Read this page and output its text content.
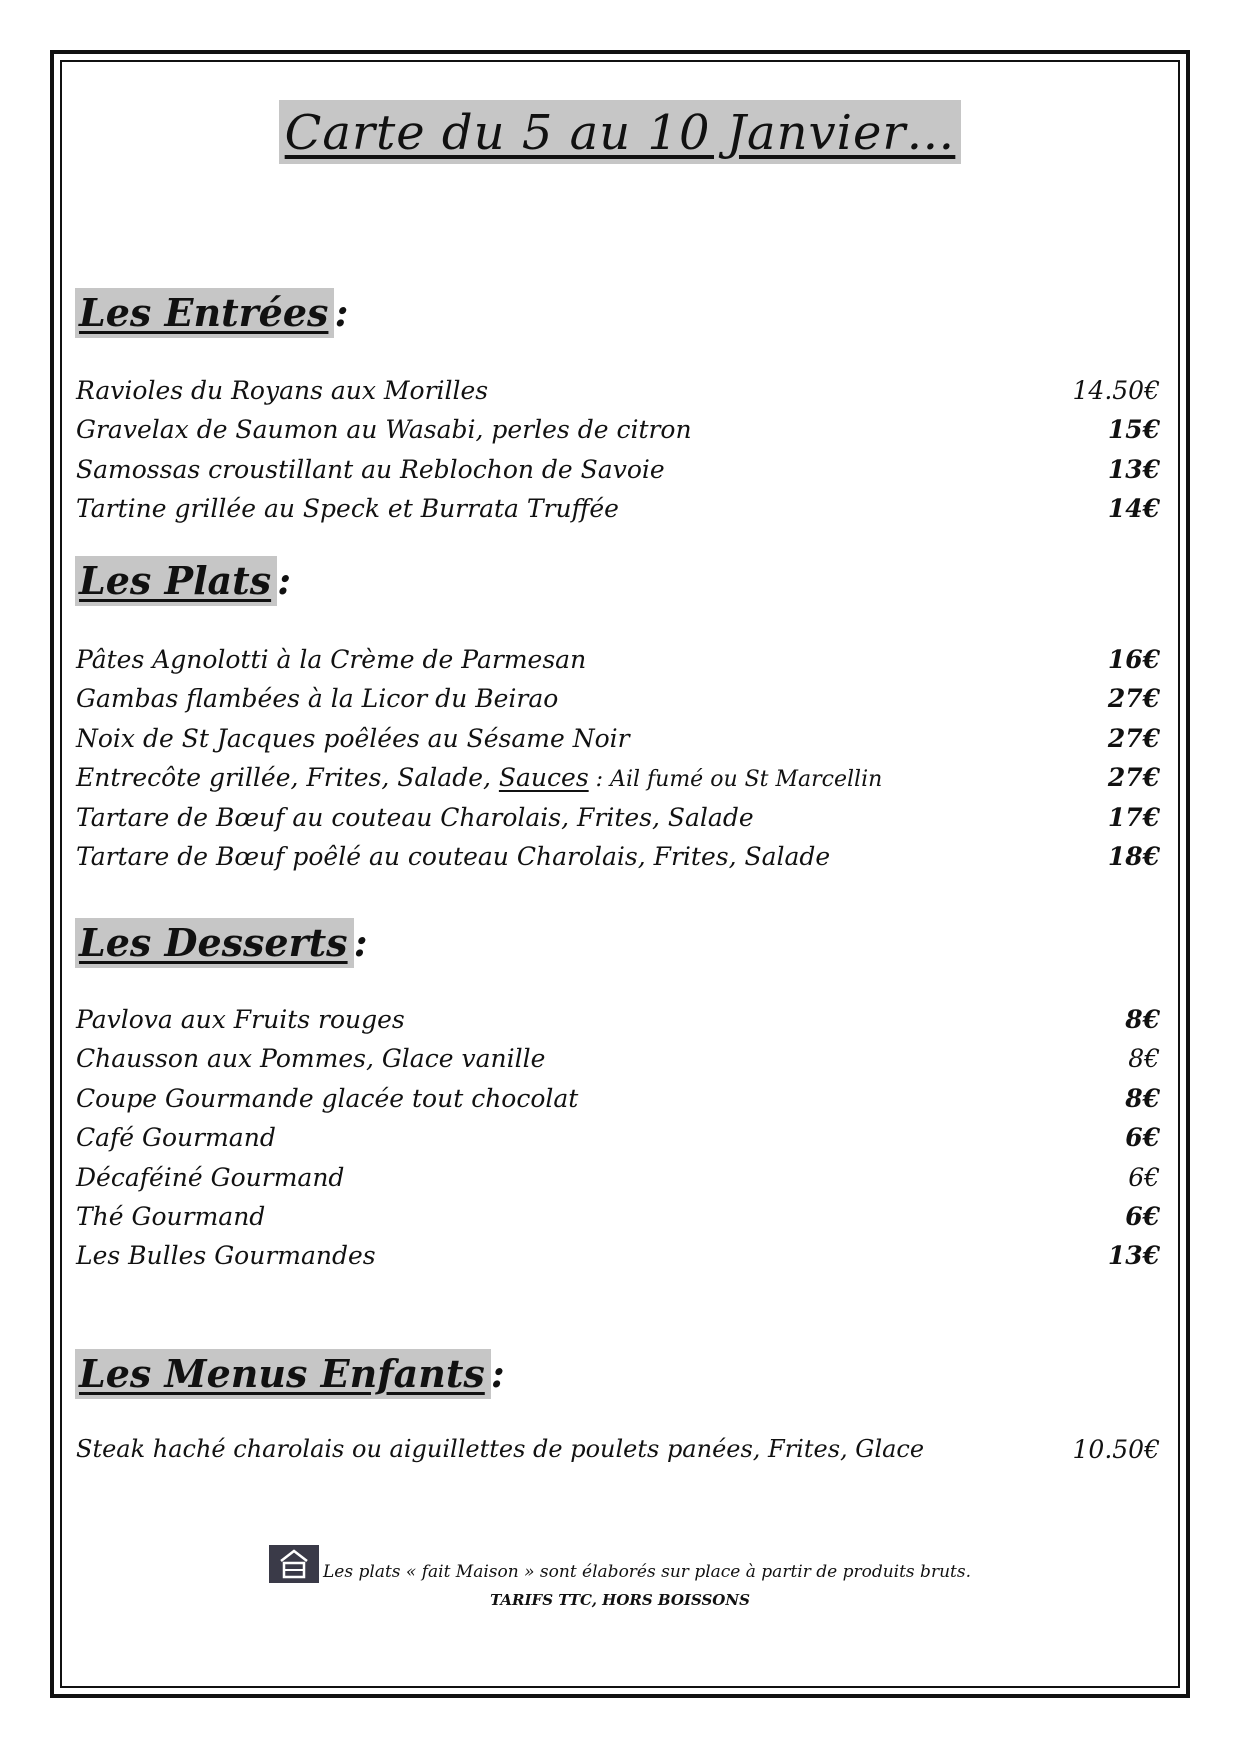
Carte du 5 au 10 Janvier…
Les Entrées :
Ravioles du Royans aux Morilles	14.50€
Gravelax de Saumon au Wasabi, perles de citron	15€
Samossas croustillant au Reblochon de Savoie	13€
Tartine grillée au Speck et Burrata Truffée	14€
Les Plats :
Pâtes Agnolotti à la Crème de Parmesan	16€
Gambas flambées à la Licor du Beirao	27€
Noix de St Jacques poêlées au Sésame Noir	27€
Entrecôte grillée, Frites, Salade, Sauces : Ail fumé ou St Marcellin	27€
Tartare de Bœuf au couteau Charolais, Frites, Salade	17€
Tartare de Bœuf poêlé au couteau Charolais, Frites, Salade	18€
Les Desserts :
Pavlova aux Fruits rouges	8€
Chausson aux Pommes, Glace vanille	8€
Coupe Gourmande glacée tout chocolat	8€
Café Gourmand	6€
Décaféiné Gourmand	6€
Thé Gourmand	6€
Les Bulles Gourmandes	13€
Les Menus Enfants :
Steak haché charolais ou aiguillettes de poulets panées, Frites, Glace	10.50€
Les plats « fait Maison » sont élaborés sur place à partir de produits bruts.
TARIFS TTC, HORS BOISSONS
